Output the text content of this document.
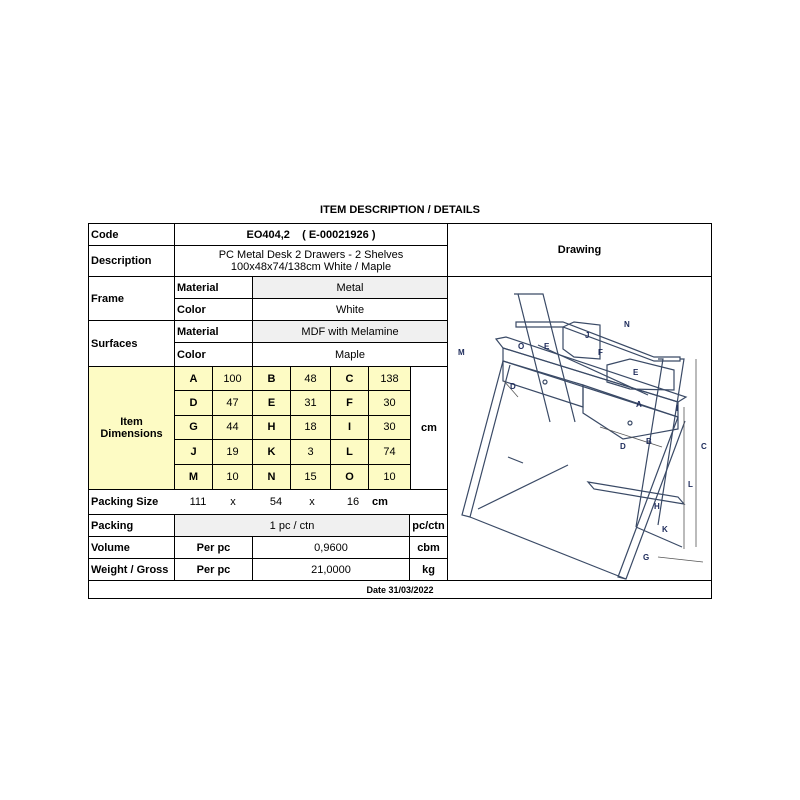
ITEM DESCRIPTION / DETAILS
Code	EO404,2    ( E-00021926 )
Drawing
Description	PC Metal Desk 2 Drawers - 2 Shelves
100x48x74/138cm White / Maple
Frame
Material	Metal
Color	White
Surfaces
Material	MDF with Melamine
Color	Maple
Item
Dimensions
A	100	B	48	C	138
D	47	E	31	F	30
G	44	H	18	I	30
J	19	K	3	L	74
M	10	N	15	O	10
cm
Packing Size	111	x	54	x	16	cm
Packing	1 pc / ctn	pc/ctn
Volume	Per pc	0,9600	cbm
Weight / Gross	Per pc	21,0000	kg
Date 31/03/2022
M
E
N
E
J
F
O
A
B
C
D
D
I
L
H
K
G
